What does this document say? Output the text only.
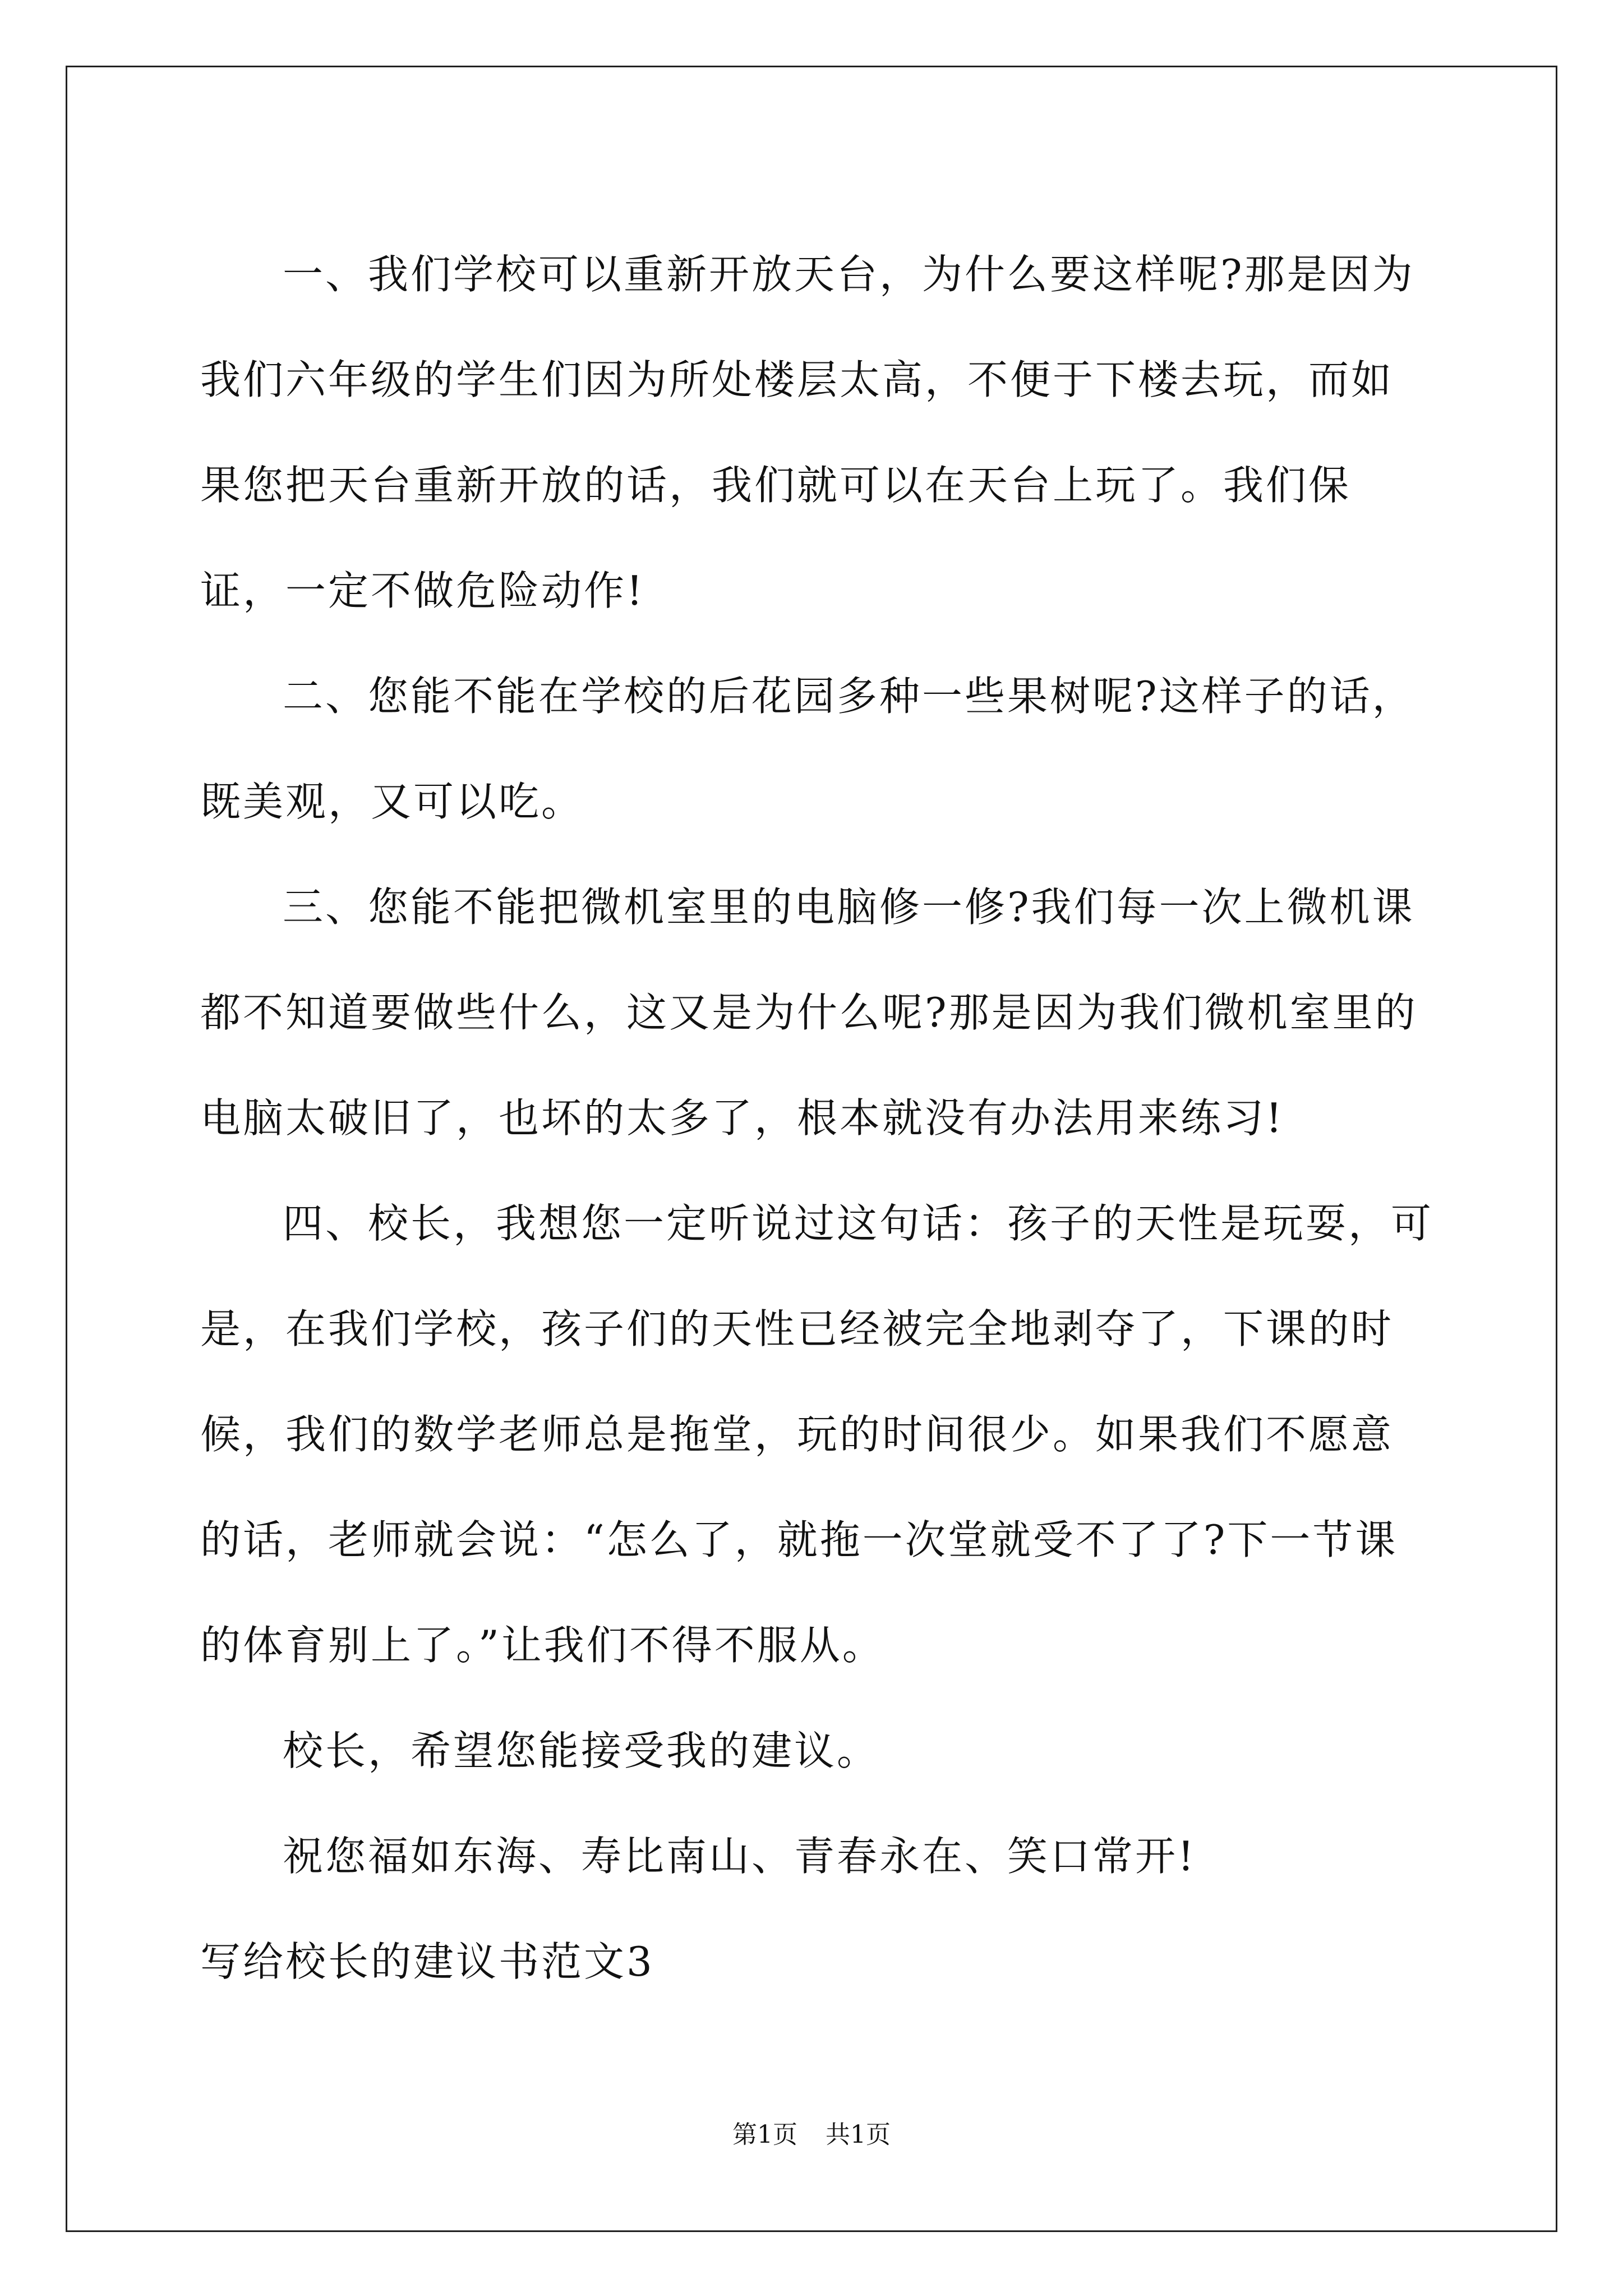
一、我们学校可以重新开放天台，为什么要这样呢?那是因为我们六年级的学生们因为所处楼层太高，不便于下楼去玩，而如果您把天台重新开放的话，我们就可以在天台上玩了。我们保证，一定不做危险动作!

二、您能不能在学校的后花园多种一些果树呢?这样子的话，既美观，又可以吃。

三、您能不能把微机室里的电脑修一修?我们每一次上微机课都不知道要做些什么，这又是为什么呢?那是因为我们微机室里的电脑太破旧了，也坏的太多了，根本就没有办法用来练习!

四、校长，我想您一定听说过这句话：孩子的天性是玩耍，可是，在我们学校，孩子们的天性已经被完全地剥夺了，下课的时候，我们的数学老师总是拖堂，玩的时间很少。如果我们不愿意的话，老师就会说：“怎么了，就拖一次堂就受不了了?下一节课的体育别上了。”让我们不得不服从。

校长，希望您能接受我的建议。

祝您福如东海、寿比南山、青春永在、笑口常开!

写给校长的建议书范文3

第1页 共1页
